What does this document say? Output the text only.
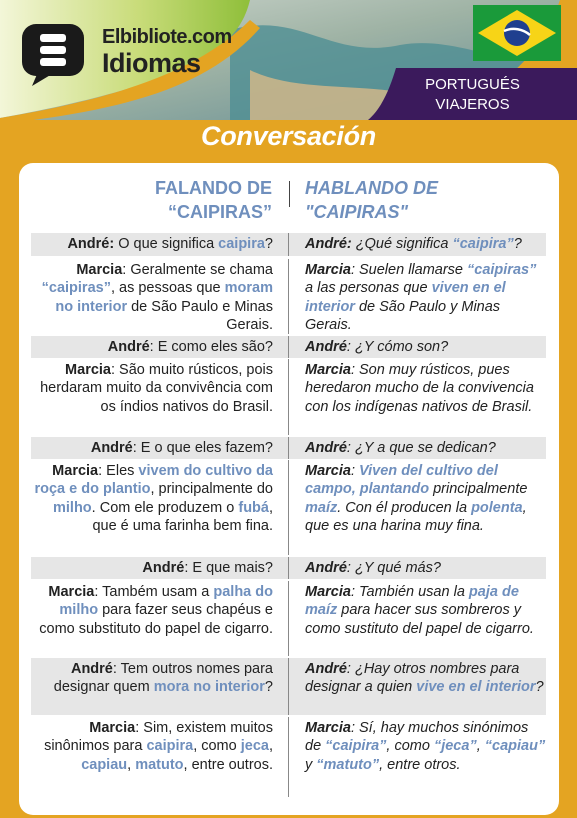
Elbibliote.com
Idiomas
PORTUGUÉS
VIAJEROS
Conversación
FALANDO DE
“CAIPIRAS”
HABLANDO DE
"CAIPIRAS"
André: O que significa caipira? André: ¿Qué significa “caipira”?
Marcia: Geralmente se chama “caipiras”, as pessoas que moram no interior de São Paulo e Minas Gerais.
Marcia: Suelen llamarse “caipiras” a las personas que viven en el interior de São Paulo y Minas Gerais.
André: E como eles são? André: ¿Y cómo son?
Marcia: São muito rústicos, pois herdaram muito da convivência com os índios nativos do Brasil.
Marcia: Son muy rústicos, pues heredaron mucho de la convivencia con los indígenas nativos de Brasil.
André: E o que eles fazem? André: ¿Y a que se dedican?
Marcia: Eles vivem do cultivo da roça e do plantio, principalmente do milho. Com ele produzem o fubá, que é uma farinha bem fina.
Marcia: Viven del cultivo del campo, plantando principalmente maíz. Con él producen la polenta, que es una harina muy fina.
André: E que mais? André: ¿Y qué más?
Marcia: Também usam a palha do milho para fazer seus chapéus e como substituto do papel de cigarro.
Marcia: También usan la paja de maíz para hacer sus sombreros y como sustituto del papel de cigarro.
André: Tem outros nomes para designar quem mora no interior?
André: ¿Hay otros nombres para designar a quien vive en el interior?
Marcia: Sim, existem muitos sinônimos para caipira, como jeca, capiau, matuto, entre outros.
Marcia: Sí, hay muchos sinónimos de “caipira”, como “jeca”, “capiau” y “matuto”, entre otros.
